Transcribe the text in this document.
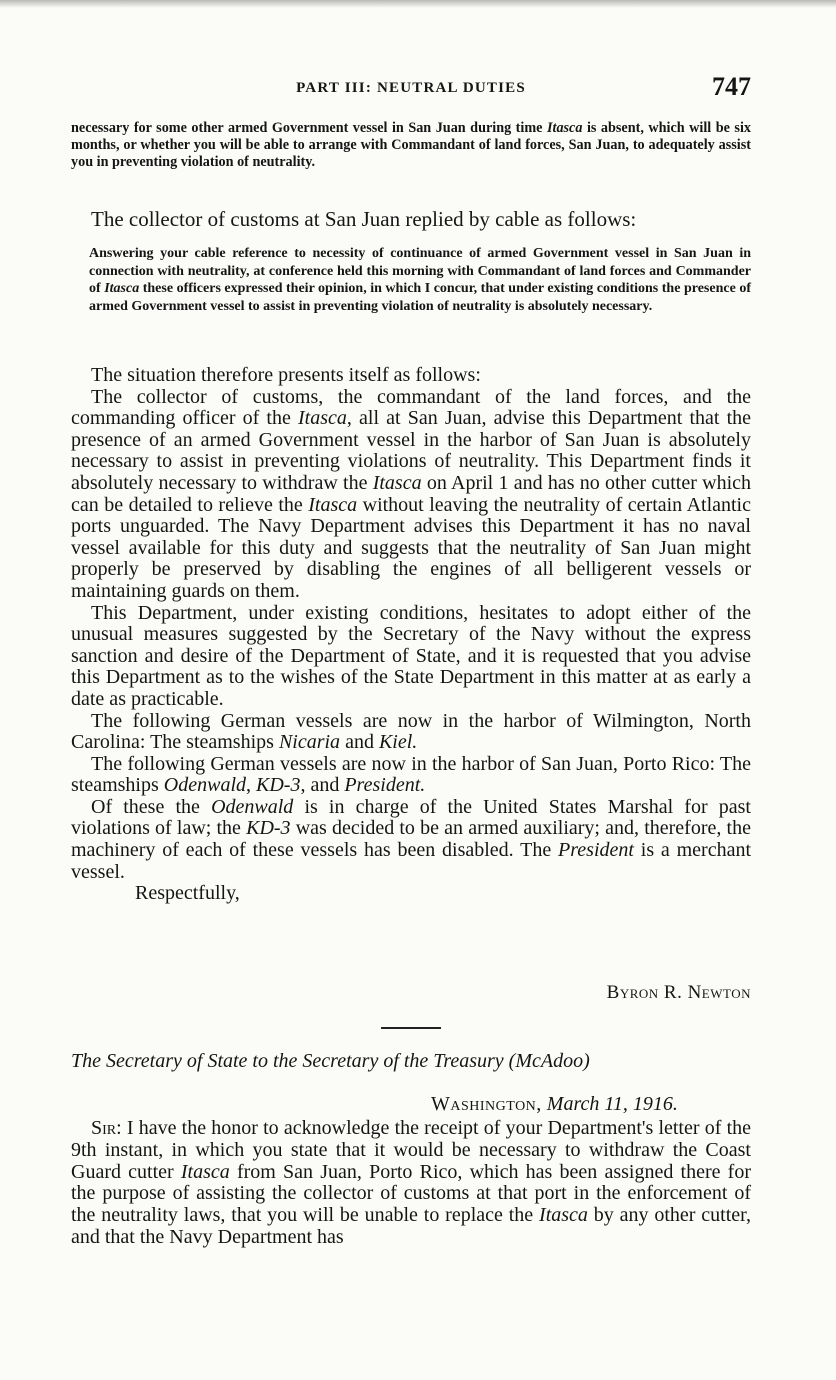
PART III: NEUTRAL DUTIES	747

necessary for some other armed Government vessel in San Juan during time Itasca is absent, which will be six months, or whether you will be able to arrange with Commandant of land forces, San Juan, to adequately assist you in preventing violation of neutrality.

The collector of customs at San Juan replied by cable as follows:

Answering your cable reference to necessity of continuance of armed Government vessel in San Juan in connection with neutrality, at conference held this morning with Commandant of land forces and Commander of Itasca these officers expressed their opinion, in which I concur, that under existing conditions the presence of armed Government vessel to assist in preventing violation of neutrality is absolutely necessary.

The situation therefore presents itself as follows:

The collector of customs, the commandant of the land forces, and the commanding officer of the Itasca, all at San Juan, advise this Department that the presence of an armed Government vessel in the harbor of San Juan is absolutely necessary to assist in preventing violations of neutrality. This Department finds it absolutely necessary to withdraw the Itasca on April 1 and has no other cutter which can be detailed to relieve the Itasca without leaving the neutrality of certain Atlantic ports unguarded. The Navy Department advises this Department it has no naval vessel available for this duty and suggests that the neutrality of San Juan might properly be preserved by disabling the engines of all belligerent vessels or maintaining guards on them.

This Department, under existing conditions, hesitates to adopt either of the unusual measures suggested by the Secretary of the Navy without the express sanction and desire of the Department of State, and it is requested that you advise this Department as to the wishes of the State Department in this matter at as early a date as practicable.

The following German vessels are now in the harbor of Wilmington, North Carolina: The steamships Nicaria and Kiel.

The following German vessels are now in the harbor of San Juan, Porto Rico: The steamships Odenwald, KD-3, and President.

Of these the Odenwald is in charge of the United States Marshal for past violations of law; the KD-3 was decided to be an armed auxiliary; and, therefore, the machinery of each of these vessels has been disabled. The President is a merchant vessel.

Respectfully,

Byron R. Newton
The Secretary of State to the Secretary of the Treasury (McAdoo)
Washington, March 11, 1916.

Sir: I have the honor to acknowledge the receipt of your Department's letter of the 9th instant, in which you state that it would be necessary to withdraw the Coast Guard cutter Itasca from San Juan, Porto Rico, which has been assigned there for the purpose of assisting the collector of customs at that port in the enforcement of the neutrality laws, that you will be unable to replace the Itasca by any other cutter, and that the Navy Department has
